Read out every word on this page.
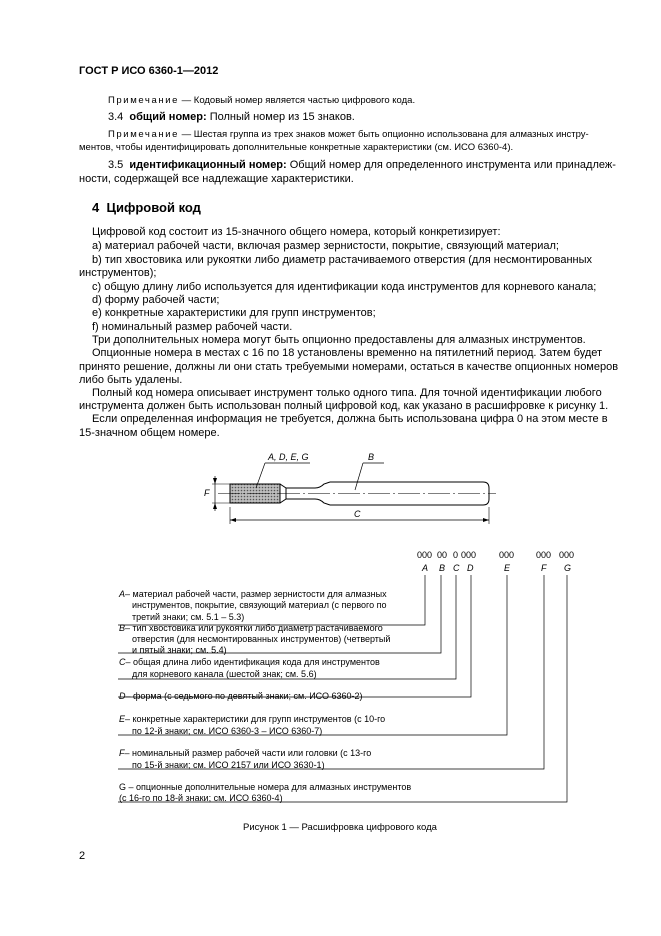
ГОСТ Р ИСО 6360-1—2012
Примечание — Кодовый номер является частью цифрового кода.
3.4 общий номер: Полный номер из 15 знаков.
Примечание — Шестая группа из трех знаков может быть опционно использована для алмазных инстру-
ментов, чтобы идентифицировать дополнительные конкретные характеристики (см. ИСО 6360-4).
3.5 идентификационный номер: Общий номер для определенного инструмента или принадлеж-
ности, содержащей все надлежащие характеристики.
4 Цифровой код
Цифровой код состоит из 15-значного общего номера, который конкретизирует:
a) материал рабочей части, включая размер зернистости, покрытие, связующий материал;
b) тип хвостовика или рукоятки либо диаметр растачиваемого отверстия (для несмонтированных
инструментов);
c) общую длину либо используется для идентификации кода инструментов для корневого канала;
d) форму рабочей части;
e) конкретные характеристики для групп инструментов;
f) номинальный размер рабочей части.
Три дополнительных номера могут быть опционно предоставлены для алмазных инструментов.
Опционные номера в местах с 16 по 18 установлены временно на пятилетний период. Затем будет
принято решение, должны ли они стать требуемыми номерами, остаться в качестве опционных номеров
либо быть удалены.
Полный код номера описывает инструмент только одного типа. Для точной идентификации любого
инструмента должен быть использован полный цифровой код, как указано в расшифровке к рисунку 1.
Если определенная информация не требуется, должна быть использована цифра 0 на этом месте в
15-значном общем номере.
A, D, E, G	B
F
C
000 00 0 000	000 000 000
A B C D	E	F G
A– материал рабочей части, размер зернистости для алмазных
инструментов, покрытие, связующий материал (с первого по
третий знаки; см. 5.1 – 5.3)
B– тип хвостовика или рукоятки либо диаметр растачиваемого
отверстия (для несмонтированных инструментов) (четвертый
и пятый знаки; см. 5.4)
C– общая длина либо идентификация кода для инструментов
для корневого канала (шестой знак; см. 5.6)
D– форма (с седьмого по девятый знаки; см. ИСО 6360-2)
E– конкретные характеристики для групп инструментов (с 10-го
по 12-й знаки; см. ИСО 6360-3 – ИСО 6360-7)
F– номинальный размер рабочей части или головки (с 13-го
по 15-й знаки; см. ИСО 2157 или ИСО 3630-1)
G – опционные дополнительные номера для алмазных инструментов
(с 16-го по 18-й знаки; см. ИСО 6360-4)
Рисунок 1 — Расшифровка цифрового кода
2
